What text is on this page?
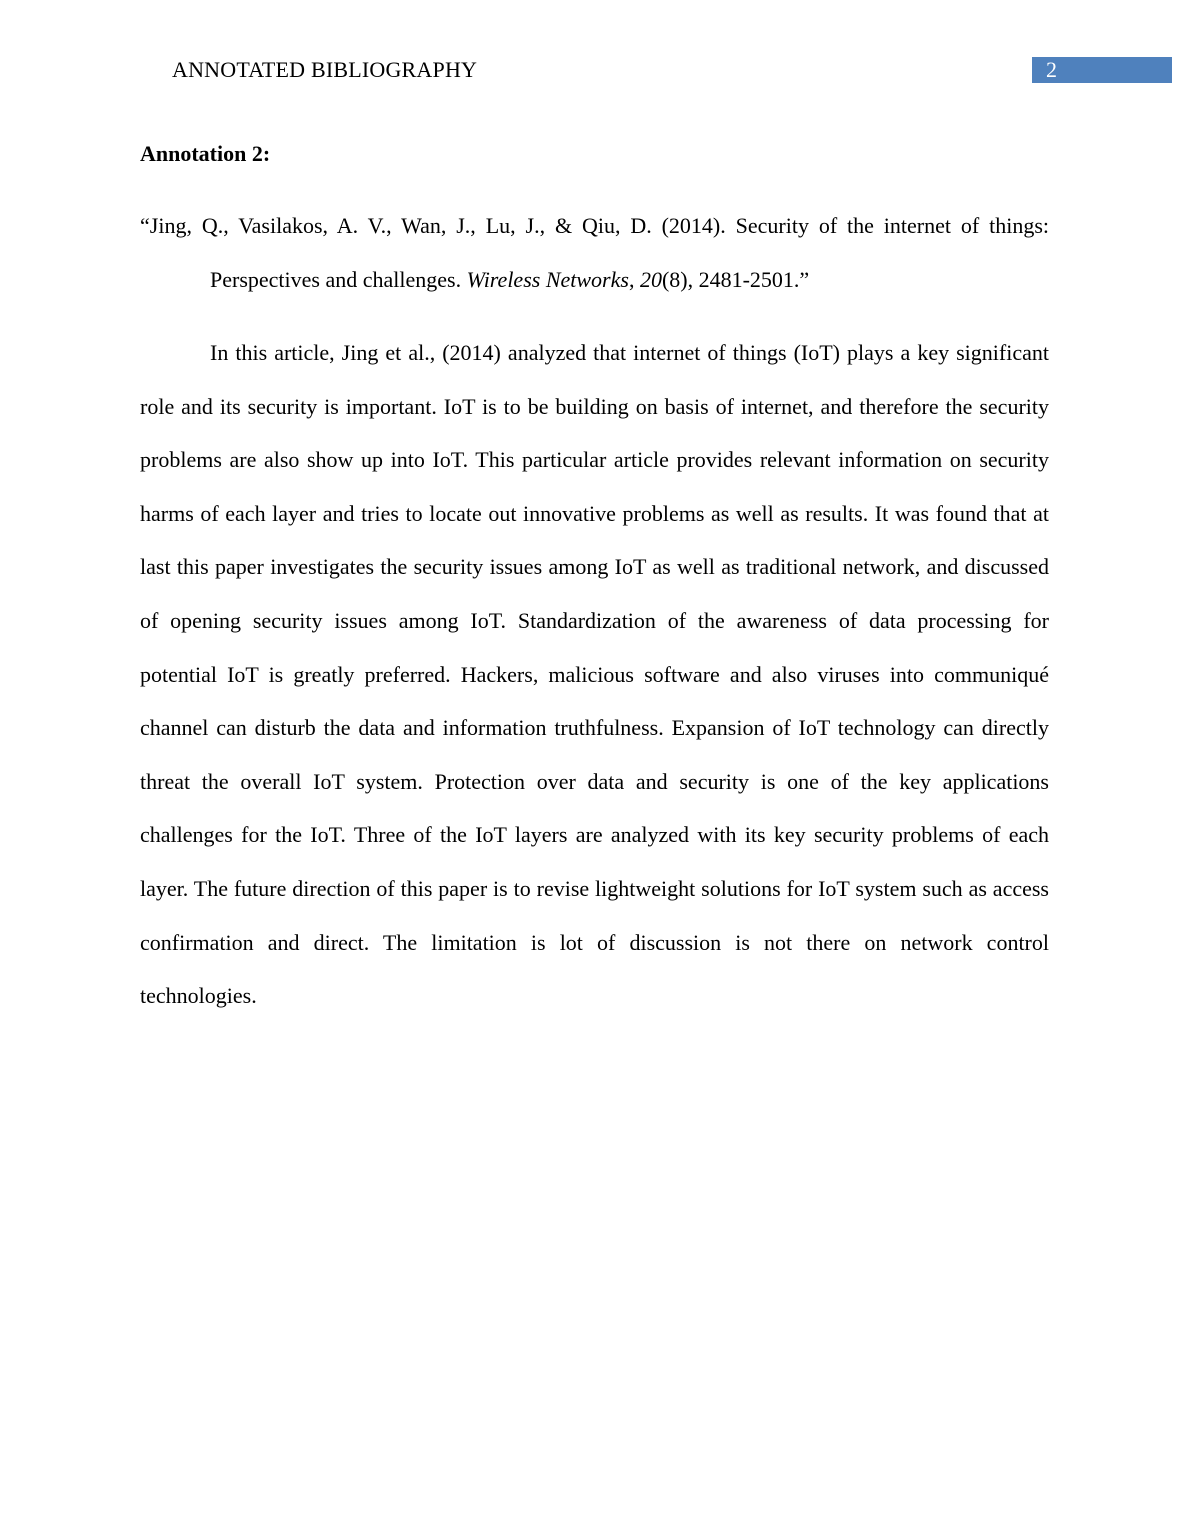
ANNOTATED BIBLIOGRAPHY	2
Annotation 2:
“Jing, Q., Vasilakos, A. V., Wan, J., Lu, J., & Qiu, D. (2014). Security of the internet of things:
Perspectives and challenges. Wireless Networks, 20(8), 2481-2501.”

In this article, Jing et al., (2014) analyzed that internet of things (IoT) plays a key significant role and its security is important. IoT is to be building on basis of internet, and therefore the security problems are also show up into IoT. This particular article provides relevant information on security harms of each layer and tries to locate out innovative problems as well as results. It was found that at last this paper investigates the security issues among IoT as well as traditional network, and discussed of opening security issues among IoT. Standardization of the awareness of data processing for potential IoT is greatly preferred. Hackers, malicious software and also viruses into communiqué channel can disturb the data and information truthfulness. Expansion of IoT technology can directly threat the overall IoT system. Protection over data and security is one of the key applications challenges for the IoT. Three of the IoT layers are analyzed with its key security problems of each layer. The future direction of this paper is to revise lightweight solutions for IoT system such as access confirmation and direct. The limitation is lot of discussion is not there on network control technologies.
